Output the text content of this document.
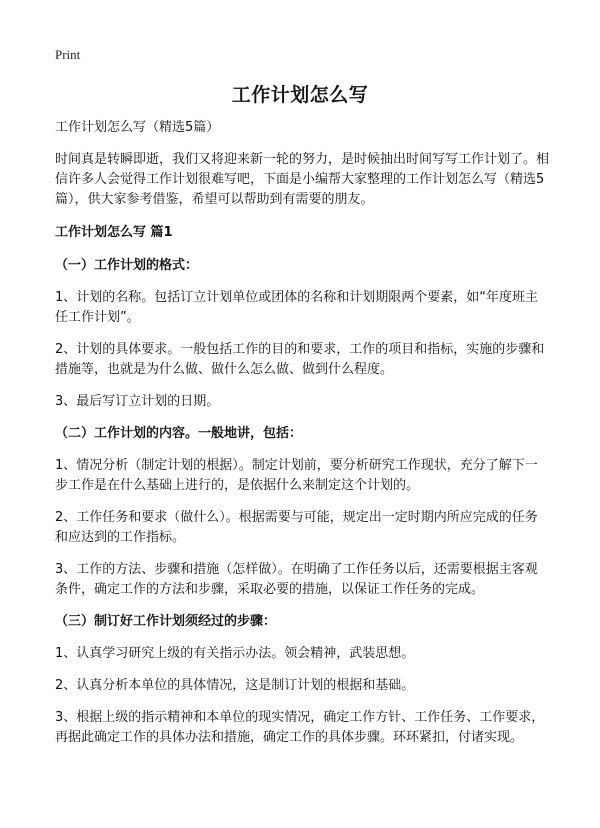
Print
工作计划怎么写

工作计划怎么写（精选5篇）

时间真是转瞬即逝，我们又将迎来新一轮的努力，是时候抽出时间写写工作计划了。相信许多人会觉得工作计划很难写吧，下面是小编帮大家整理的工作计划怎么写（精选5篇），供大家参考借鉴，希望可以帮助到有需要的朋友。

工作计划怎么写 篇1

（一）工作计划的格式：

1、计划的名称。包括订立计划单位或团体的名称和计划期限两个要素，如“年度班主任工作计划”。

2、计划的具体要求。一般包括工作的目的和要求，工作的项目和指标，实施的步骤和措施等，也就是为什么做、做什么怎么做、做到什么程度。

3、最后写订立计划的日期。

（二）工作计划的内容。一般地讲，包括：

1、情况分析（制定计划的根据）。制定计划前，要分析研究工作现状，充分了解下一步工作是在什么基础上进行的，是依据什么来制定这个计划的。

2、工作任务和要求（做什么）。根据需要与可能，规定出一定时期内所应完成的任务和应达到的工作指标。

3、工作的方法、步骤和措施（怎样做）。在明确了工作任务以后，还需要根据主客观条件，确定工作的方法和步骤，采取必要的措施，以保证工作任务的完成。

（三）制订好工作计划须经过的步骤：

1、认真学习研究上级的有关指示办法。领会精神，武装思想。

2、认真分析本单位的具体情况，这是制订计划的根据和基础。

3、根据上级的指示精神和本单位的现实情况，确定工作方针、工作任务、工作要求，再据此确定工作的具体办法和措施，确定工作的具体步骤。环环紧扣，付诸实现。
